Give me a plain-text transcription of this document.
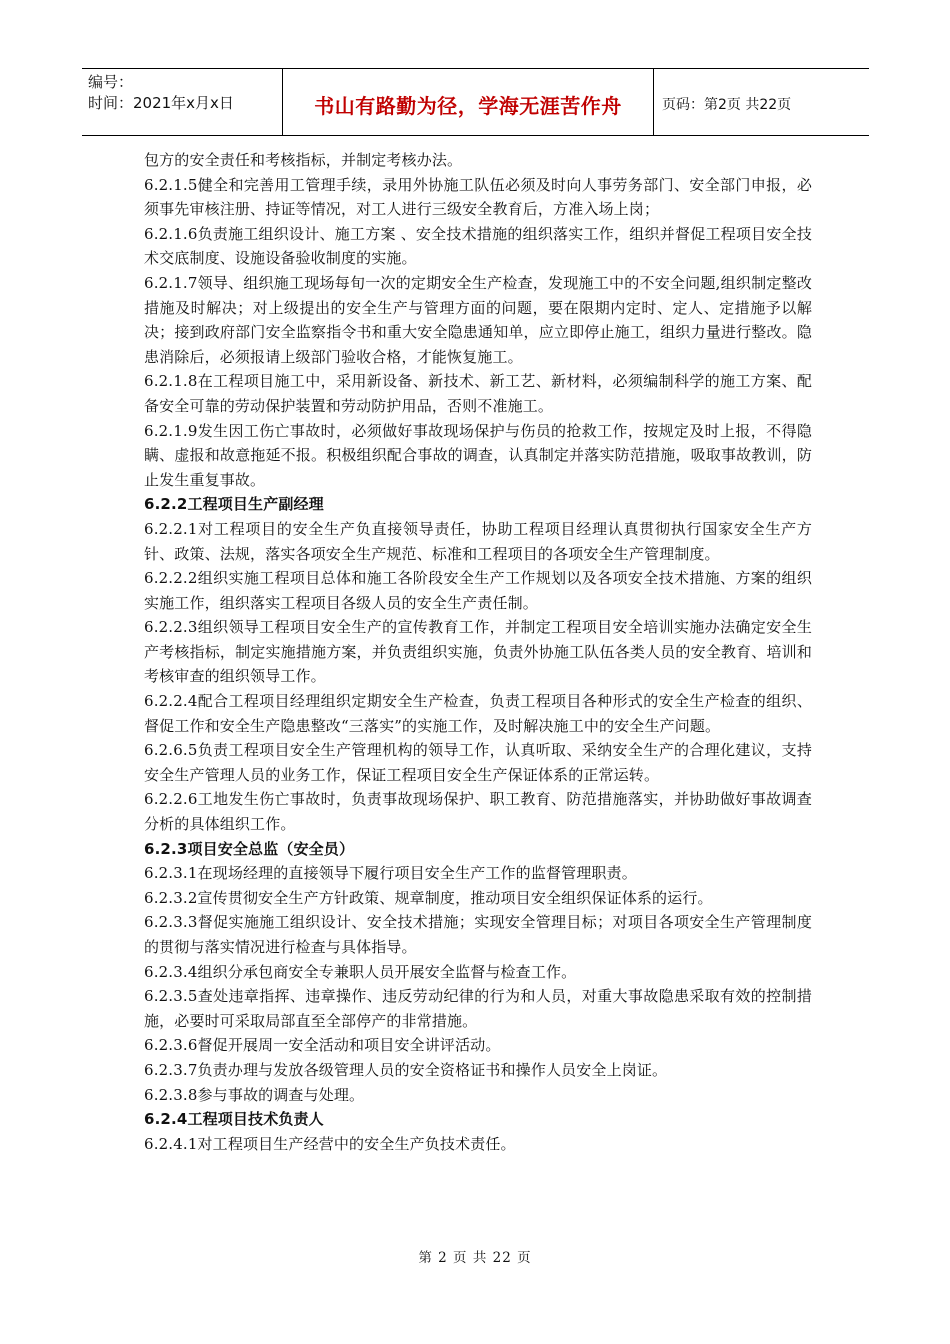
编号：
时间：2021年x月x日	书山有路勤为径，学海无涯苦作舟	页码：第2页 共22页

包方的安全责任和考核指标，并制定考核办法。

6.2.1.5健全和完善用工管理手续，录用外协施工队伍必须及时向人事劳务部门、安全部门申报，必须事先审核注册、持证等情况，对工人进行三级安全教育后，方准入场上岗；

6.2.1.6负责施工组织设计、施工方案 、安全技术措施的组织落实工作，组织并督促工程项目安全技术交底制度、设施设备验收制度的实施。

6.2.1.7领导、组织施工现场每旬一次的定期安全生产检查，发现施工中的不安全问题,组织制定整改措施及时解决；对上级提出的安全生产与管理方面的问题，要在限期内定时、定人、定措施予以解决；接到政府部门安全监察指令书和重大安全隐患通知单，应立即停止施工，组织力量进行整改。隐患消除后，必须报请上级部门验收合格，才能恢复施工。

6.2.1.8在工程项目施工中，采用新设备、新技术、新工艺、新材料，必须编制科学的施工方案、配备安全可靠的劳动保护装置和劳动防护用品，否则不准施工。

6.2.1.9发生因工伤亡事故时，必须做好事故现场保护与伤员的抢救工作，按规定及时上报，不得隐瞒、虚报和故意拖延不报。积极组织配合事故的调查，认真制定并落实防范措施，吸取事故教训，防止发生重复事故。

6.2.2工程项目生产副经理

6.2.2.1对工程项目的安全生产负直接领导责任，协助工程项目经理认真贯彻执行国家安全生产方针、政策、法规，落实各项安全生产规范、标准和工程项目的各项安全生产管理制度。

6.2.2.2组织实施工程项目总体和施工各阶段安全生产工作规划以及各项安全技术措施、方案的组织实施工作，组织落实工程项目各级人员的安全生产责任制。

6.2.2.3组织领导工程项目安全生产的宣传教育工作，并制定工程项目安全培训实施办法确定安全生产考核指标，制定实施措施方案，并负责组织实施，负责外协施工队伍各类人员的安全教育、培训和考核审查的组织领导工作。

6.2.2.4配合工程项目经理组织定期安全生产检查，负责工程项目各种形式的安全生产检查的组织、督促工作和安全生产隐患整改“三落实”的实施工作，及时解决施工中的安全生产问题。

6.2.6.5负责工程项目安全生产管理机构的领导工作，认真听取、采纳安全生产的合理化建议，支持安全生产管理人员的业务工作，保证工程项目安全生产保证体系的正常运转。

6.2.2.6工地发生伤亡事故时，负责事故现场保护、职工教育、防范措施落实，并协助做好事故调查分析的具体组织工作。

6.2.3项目安全总监（安全员）

6.2.3.1在现场经理的直接领导下履行项目安全生产工作的监督管理职责。

6.2.3.2宣传贯彻安全生产方针政策、规章制度，推动项目安全组织保证体系的运行。

6.2.3.3督促实施施工组织设计、安全技术措施；实现安全管理目标；对项目各项安全生产管理制度的贯彻与落实情况进行检查与具体指导。

6.2.3.4组织分承包商安全专兼职人员开展安全监督与检查工作。

6.2.3.5查处违章指挥、违章操作、违反劳动纪律的行为和人员，对重大事故隐患采取有效的控制措施，必要时可采取局部直至全部停产的非常措施。

6.2.3.6督促开展周一安全活动和项目安全讲评活动。

6.2.3.7负责办理与发放各级管理人员的安全资格证书和操作人员安全上岗证。

6.2.3.8参与事故的调查与处理。

6.2.4工程项目技术负责人

6.2.4.1对工程项目生产经营中的安全生产负技术责任。

第 2 页 共 22 页
